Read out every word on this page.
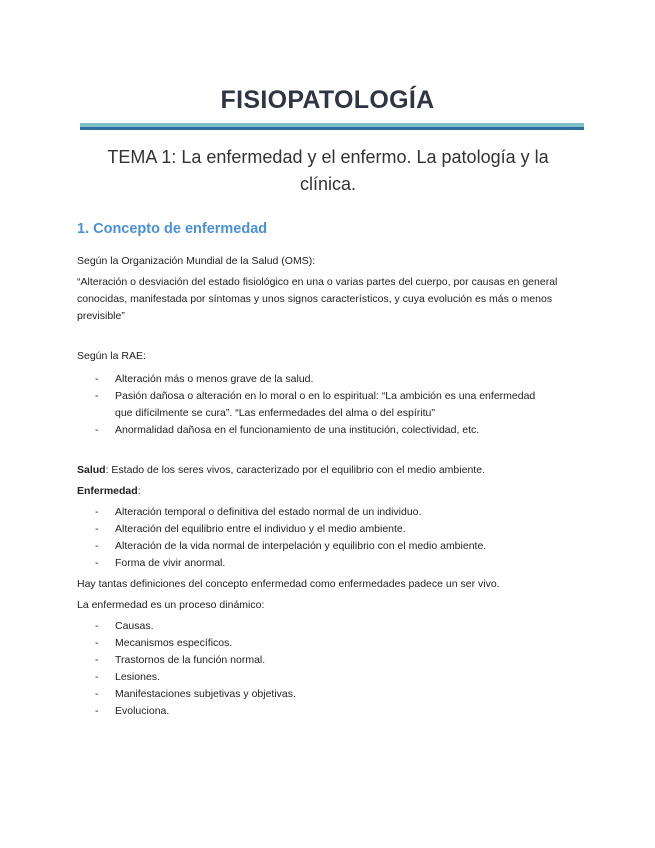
FISIOPATOLOGÍA
TEMA 1: La enfermedad y el enfermo. La patología y la clínica.
1. Concepto de enfermedad
Según la Organización Mundial de la Salud (OMS):
“Alteración o desviación del estado fisiológico en una o varias partes del cuerpo, por causas en general conocidas, manifestada por síntomas y unos signos característicos, y cuya evolución es más o menos previsible”
Según la RAE:
- Alteración más o menos grave de la salud.
- Pasión dañosa o alteración en lo moral o en lo espiritual: “La ambición es una enfermedad que difícilmente se cura”. “Las enfermedades del alma o del espíritu”
- Anormalidad dañosa en el funcionamiento de una institución, colectividad, etc.
Salud: Estado de los seres vivos, caracterizado por el equilibrio con el medio ambiente.
Enfermedad:
- Alteración temporal o definitiva del estado normal de un individuo.
- Alteración del equilibrio entre el individuo y el medio ambiente.
- Alteración de la vida normal de interpelación y equilibrio con el medio ambiente.
- Forma de vivir anormal.
Hay tantas definiciones del concepto enfermedad como enfermedades padece un ser vivo.
La enfermedad es un proceso dinámico:
- Causas.
- Mecanismos específicos.
- Trastornos de la función normal.
- Lesiones.
- Manifestaciones subjetivas y objetivas.
- Evoluciona.
